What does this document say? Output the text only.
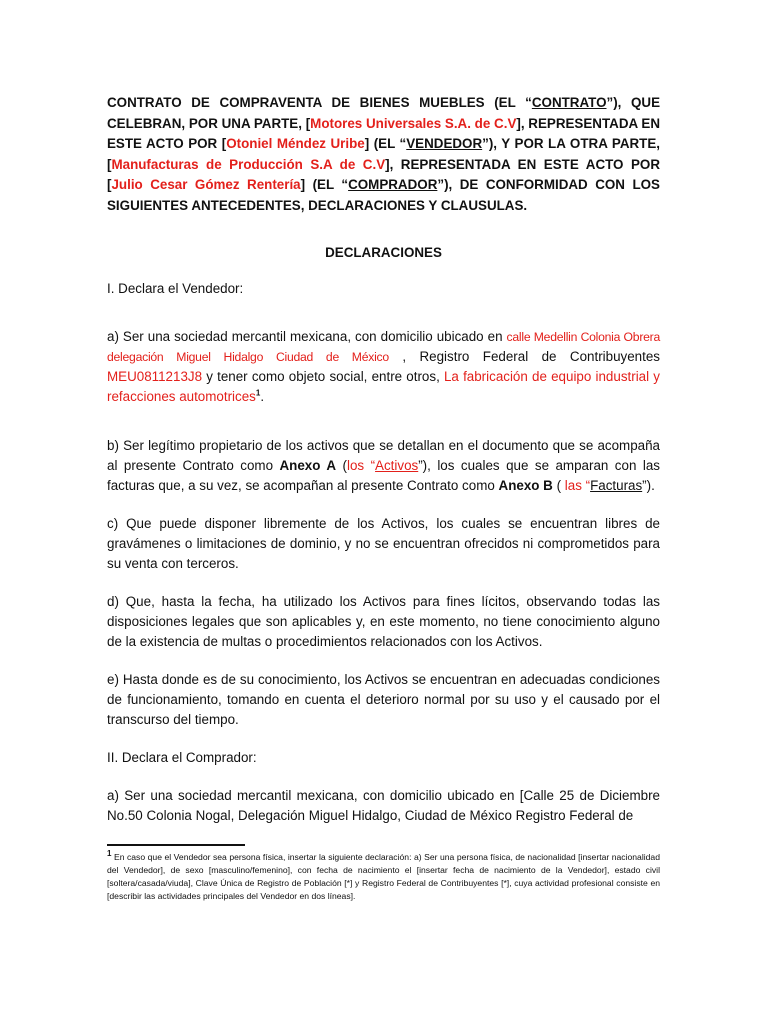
CONTRATO DE COMPRAVENTA DE BIENES MUEBLES (EL “CONTRATO”), QUE CELEBRAN, POR UNA PARTE, [Motores Universales S.A. de C.V], REPRESENTADA EN ESTE ACTO POR [Otoniel Méndez Uribe] (EL “VENDEDOR”), Y POR LA OTRA PARTE, [Manufacturas de Producción S.A de C.V], REPRESENTADA EN ESTE ACTO POR [Julio Cesar Gómez Rentería] (EL “COMPRADOR”), DE CONFORMIDAD CON LOS SIGUIENTES ANTECEDENTES, DECLARACIONES Y CLAUSULAS.

DECLARACIONES

I. Declara el Vendedor:

a) Ser una sociedad mercantil mexicana, con domicilio ubicado en calle Medellin Colonia Obrera delegación Miguel Hidalgo Ciudad de México , Registro Federal de Contribuyentes MEU0811213J8 y tener como objeto social, entre otros, La fabricación de equipo industrial y refacciones automotrices$^1$.

b) Ser legítimo propietario de los activos que se detallan en el documento que se acompaña al presente Contrato como Anexo A (los “Activos”), los cuales que se amparan con las facturas que, a su vez, se acompañan al presente Contrato como Anexo B ( las “Facturas”).

c) Que puede disponer libremente de los Activos, los cuales se encuentran libres de gravámenes o limitaciones de dominio, y no se encuentran ofrecidos ni comprometidos para su venta con terceros.

d) Que, hasta la fecha, ha utilizado los Activos para fines lícitos, observando todas las disposiciones legales que son aplicables y, en este momento, no tiene conocimiento alguno de la existencia de multas o procedimientos relacionados con los Activos.

e) Hasta donde es de su conocimiento, los Activos se encuentran en adecuadas condiciones de funcionamiento, tomando en cuenta el deterioro normal por su uso y el causado por el transcurso del tiempo.

II. Declara el Comprador:

a) Ser una sociedad mercantil mexicana, con domicilio ubicado en [Calle 25 de Diciembre No.50 Colonia Nogal, Delegación Miguel Hidalgo, Ciudad de México Registro Federal de

$^1$ En caso que el Vendedor sea persona física, insertar la siguiente declaración: a) Ser una persona física, de nacionalidad [insertar nacionalidad del Vendedor], de sexo [masculino/femenino], con fecha de nacimiento el [insertar fecha de nacimiento de la Vendedor], estado civil [soltera/casada/viuda], Clave Única de Registro de Población [*] y Registro Federal de Contribuyentes [*], cuya actividad profesional consiste en [describir las actividades principales del Vendedor en dos líneas].
